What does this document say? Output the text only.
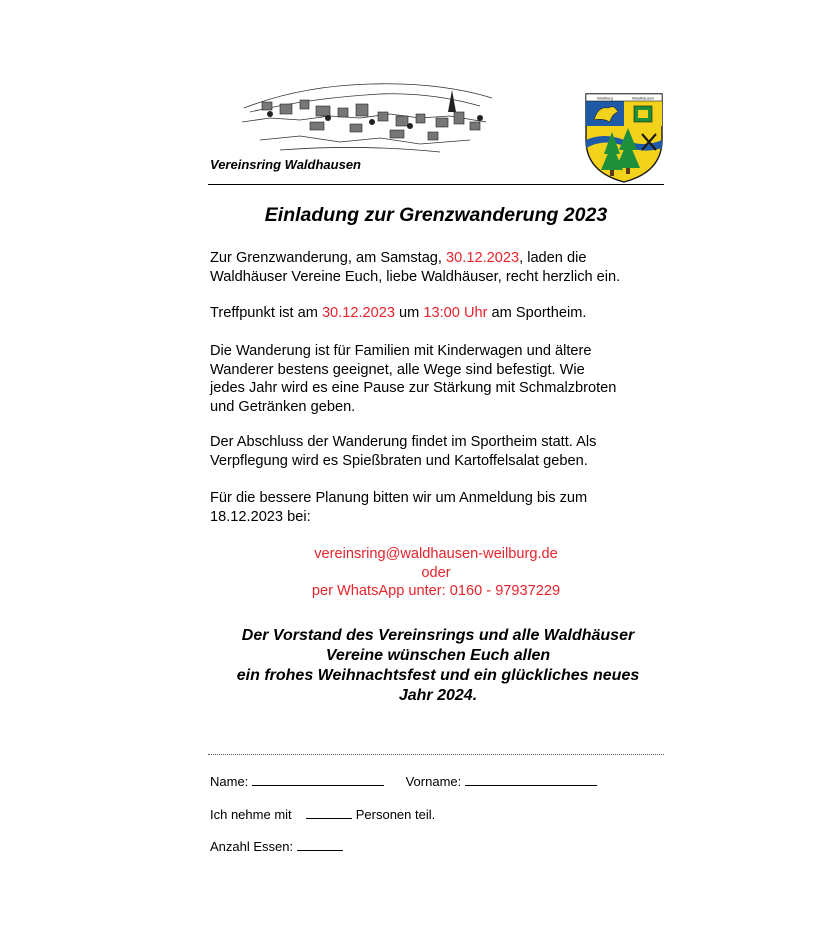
Vereinsring Waldhausen
Weilburg	Waldhausen
Einladung zur Grenzwanderung 2023
Zur Grenzwanderung, am Samstag, 30.12.2023, laden die
Waldhäuser Vereine Euch, liebe Waldhäuser, recht herzlich ein.
Treffpunkt ist am 30.12.2023 um 13:00 Uhr am Sportheim.
Die Wanderung ist für Familien mit Kinderwagen und ältere
Wanderer bestens geeignet, alle Wege sind befestigt. Wie
jedes Jahr wird es eine Pause zur Stärkung mit Schmalzbroten
und Getränken geben.
Der Abschluss der Wanderung findet im Sportheim statt. Als
Verpflegung wird es Spießbraten und Kartoffelsalat geben.
Für die bessere Planung bitten wir um Anmeldung bis zum
18.12.2023 bei:
vereinsring@waldhausen-weilburg.de
oder
per WhatsApp unter: 0160 - 97937229
Der Vorstand des Vereinsrings und alle Waldhäuser
Vereine wünschen Euch allen
ein frohes Weihnachtsfest und ein glückliches neues
Jahr 2024.
Name:	Vorname:
Ich nehme mit	Personen teil.
Anzahl Essen:
